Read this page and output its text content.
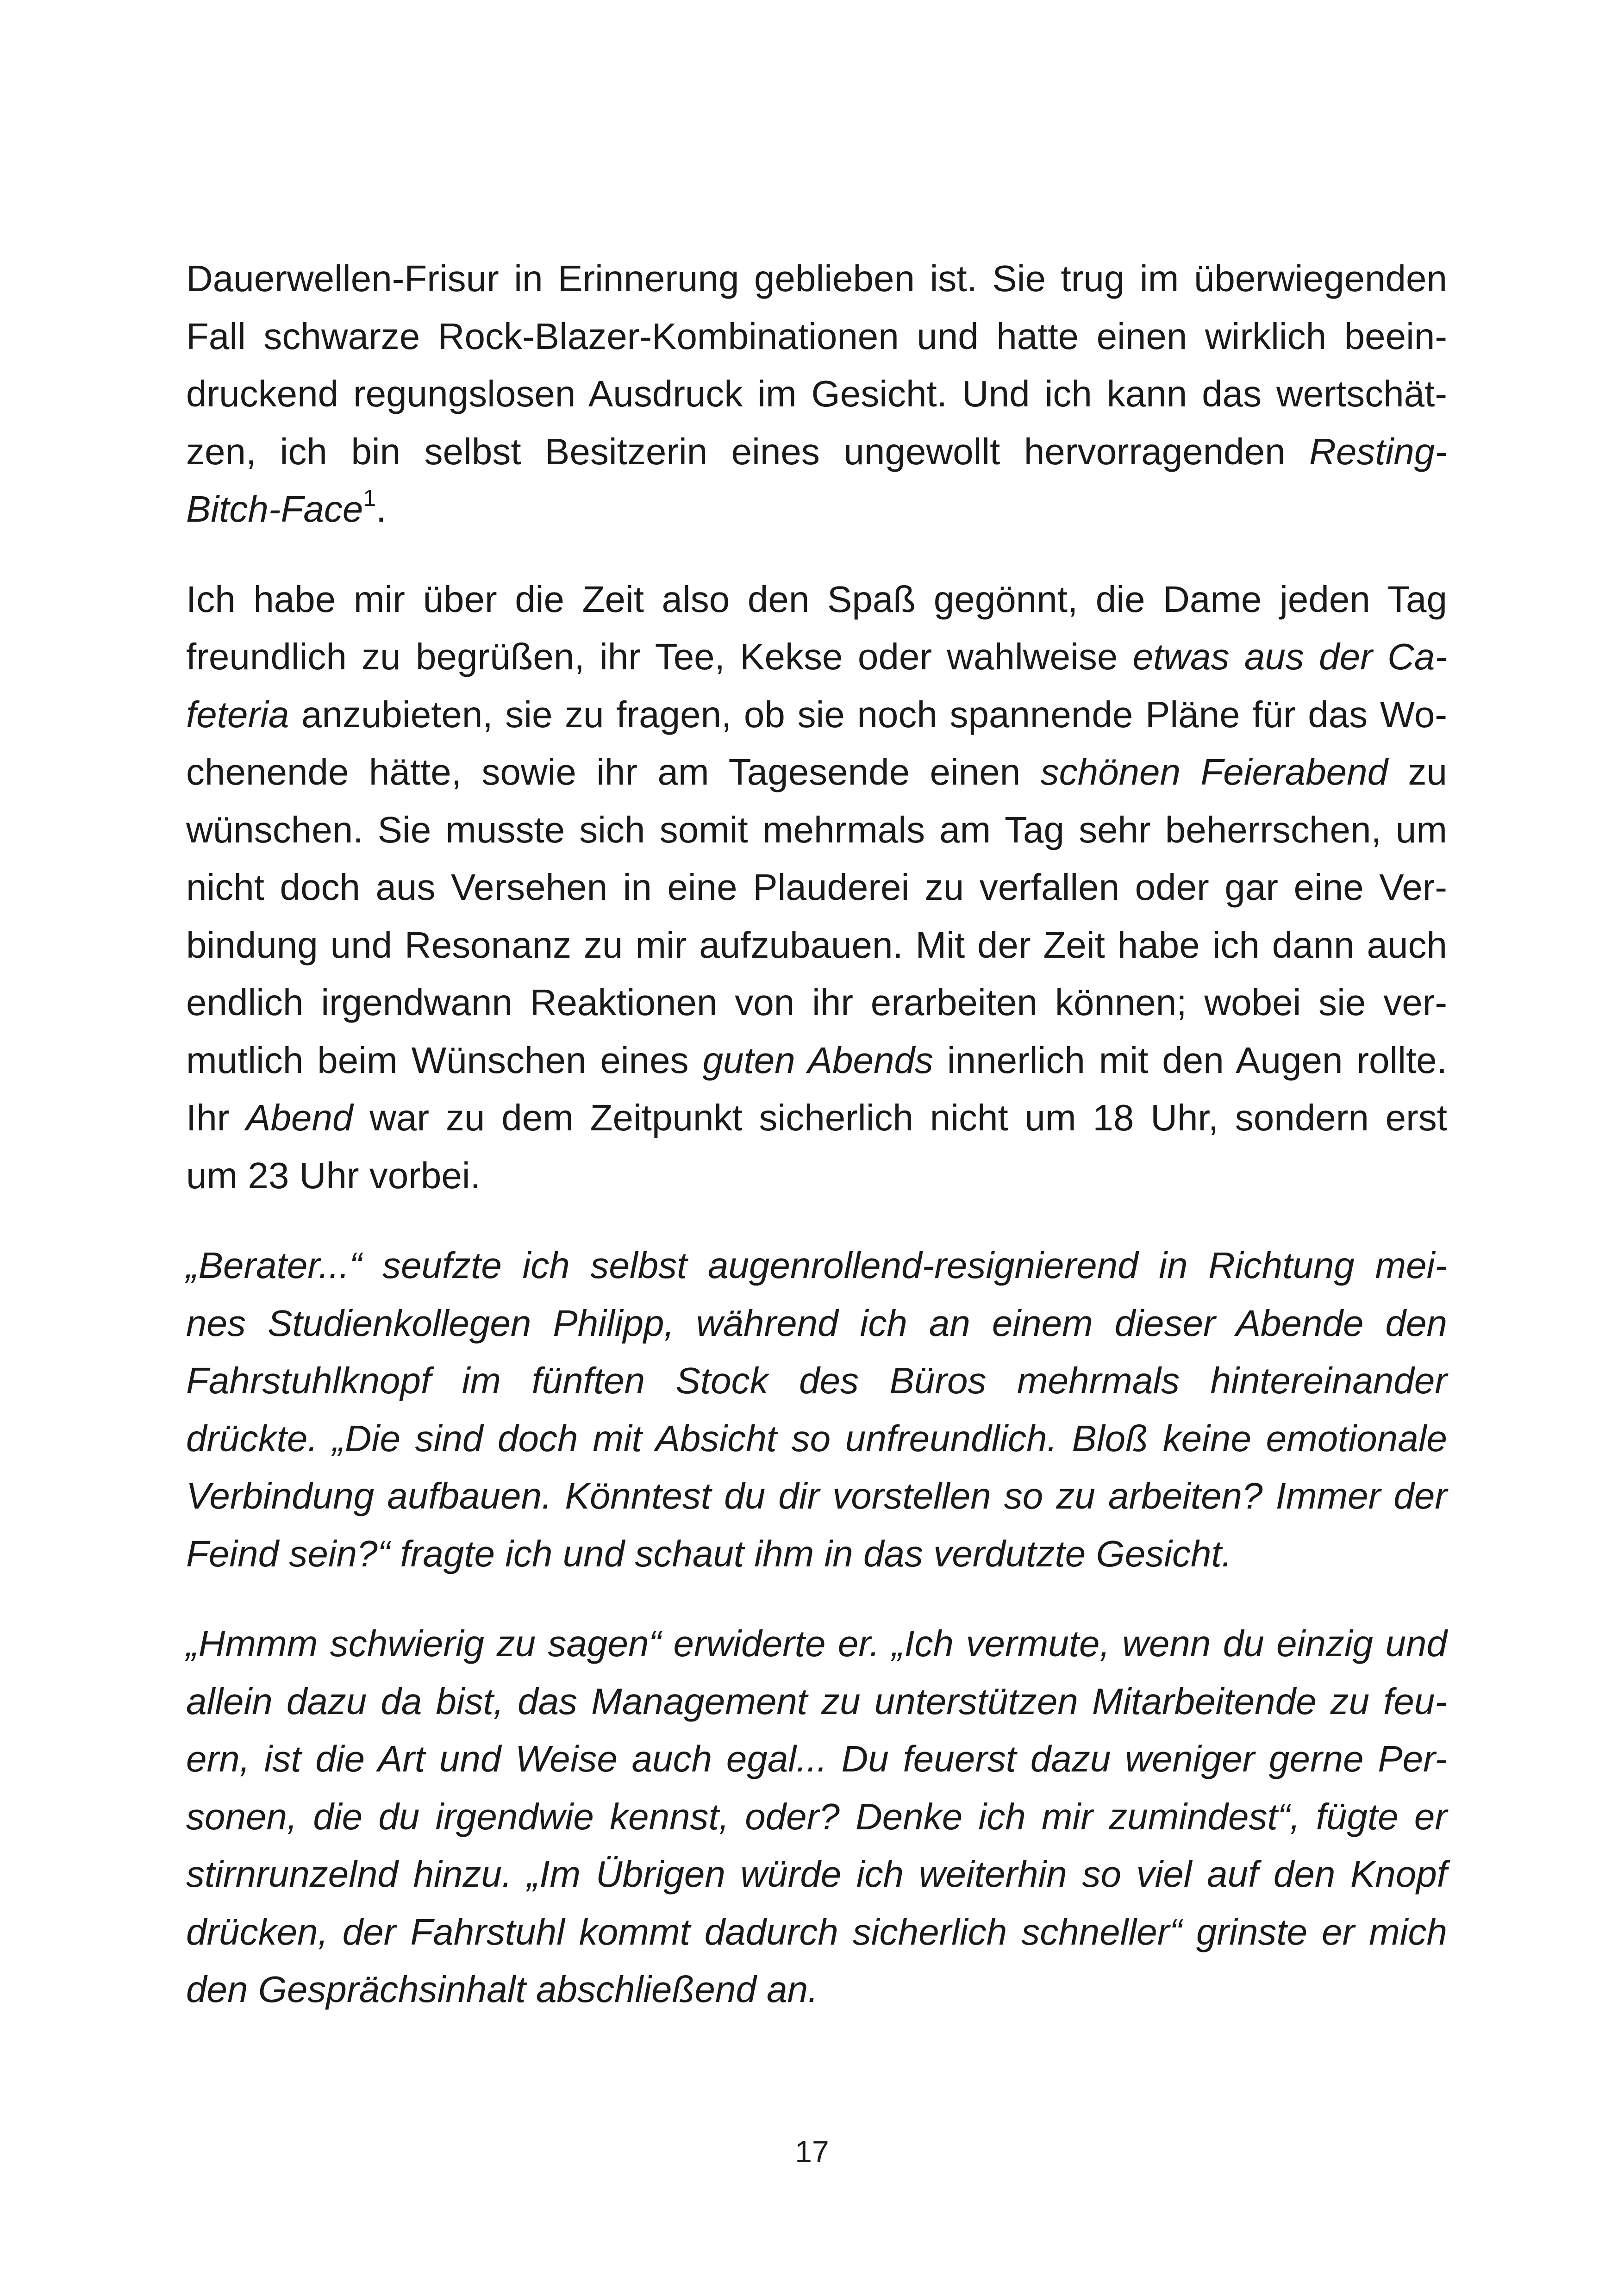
Dauerwellen-Frisur in Erinnerung geblieben ist. Sie trug im überwiegenden
Fall schwarze Rock-Blazer-Kombinationen und hatte einen wirklich beein-
druckend regungslosen Ausdruck im Gesicht. Und ich kann das wertschät-
zen, ich bin selbst Besitzerin eines ungewollt hervorragenden Resting-
Bitch-Face$^1$.

Ich habe mir über die Zeit also den Spaß gegönnt, die Dame jeden Tag
freundlich zu begrüßen, ihr Tee, Kekse oder wahlweise etwas aus der Ca-
feteria anzubieten, sie zu fragen, ob sie noch spannende Pläne für das Wo-
chenende hätte, sowie ihr am Tagesende einen schönen Feierabend zu
wünschen. Sie musste sich somit mehrmals am Tag sehr beherrschen, um
nicht doch aus Versehen in eine Plauderei zu verfallen oder gar eine Ver-
bindung und Resonanz zu mir aufzubauen. Mit der Zeit habe ich dann auch
endlich irgendwann Reaktionen von ihr erarbeiten können; wobei sie ver-
mutlich beim Wünschen eines guten Abends innerlich mit den Augen rollte.
Ihr Abend war zu dem Zeitpunkt sicherlich nicht um 18 Uhr, sondern erst
um 23 Uhr vorbei.

„Berater...“ seufzte ich selbst augenrollend-resignierend in Richtung mei-
nes Studienkollegen Philipp, während ich an einem dieser Abende den
Fahrstuhlknopf im fünften Stock des Büros mehrmals hintereinander
drückte. „Die sind doch mit Absicht so unfreundlich. Bloß keine emotionale
Verbindung aufbauen. Könntest du dir vorstellen so zu arbeiten? Immer der
Feind sein?“ fragte ich und schaut ihm in das verdutzte Gesicht.

„Hmmm schwierig zu sagen“ erwiderte er. „Ich vermute, wenn du einzig und
allein dazu da bist, das Management zu unterstützen Mitarbeitende zu feu-
ern, ist die Art und Weise auch egal... Du feuerst dazu weniger gerne Per-
sonen, die du irgendwie kennst, oder? Denke ich mir zumindest“, fügte er
stirnrunzelnd hinzu. „Im Übrigen würde ich weiterhin so viel auf den Knopf
drücken, der Fahrstuhl kommt dadurch sicherlich schneller“ grinste er mich
den Gesprächsinhalt abschließend an.

17
